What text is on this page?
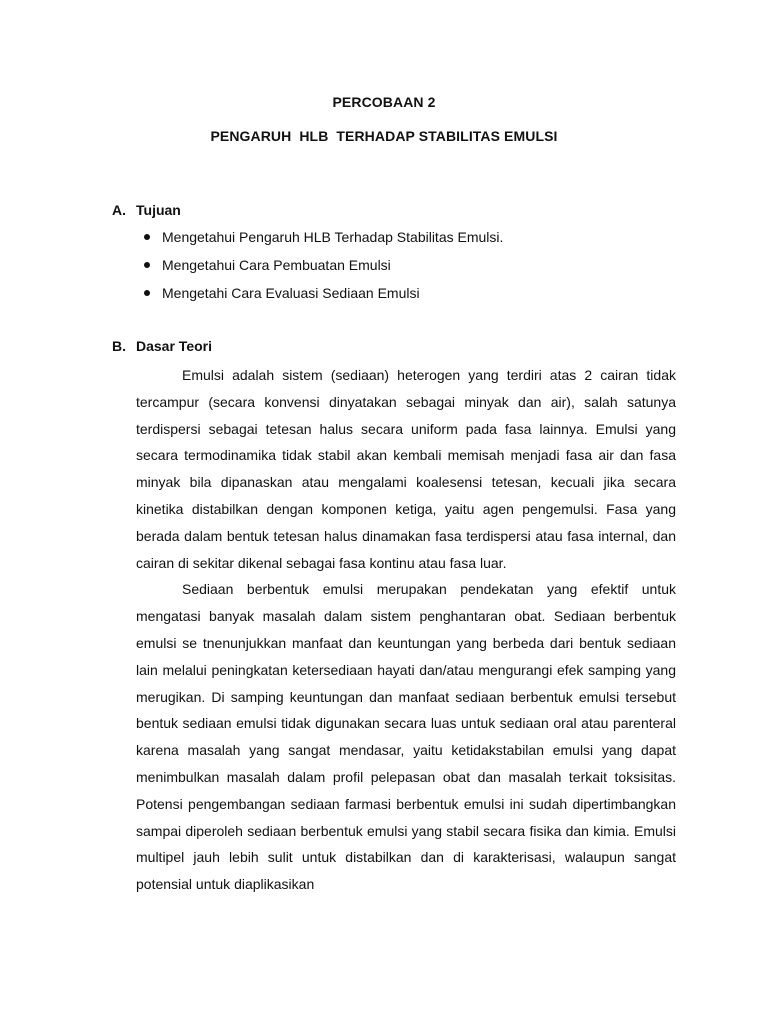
PERCOBAAN 2
PENGARUH  HLB  TERHADAP STABILITAS EMULSI
A. Tujuan
Mengetahui Pengaruh HLB Terhadap Stabilitas Emulsi.
Mengetahui Cara Pembuatan Emulsi
Mengetahi Cara Evaluasi Sediaan Emulsi
B. Dasar Teori

Emulsi adalah sistem (sediaan) heterogen yang terdiri atas 2 cairan tidak tercampur (secara konvensi dinyatakan sebagai minyak dan air), salah satunya terdispersi sebagai tetesan halus secara uniform pada fasa lainnya. Emulsi yang secara termodinamika tidak stabil akan kembali memisah menjadi fasa air dan fasa minyak bila dipanaskan atau mengalami koalesensi tetesan, kecuali jika secara kinetika distabilkan dengan komponen ketiga, yaitu agen pengemulsi. Fasa yang berada dalam bentuk tetesan halus dinamakan fasa terdispersi atau fasa internal, dan cairan di sekitar dikenal sebagai fasa kontinu atau fasa luar.

Sediaan berbentuk emulsi merupakan pendekatan yang efektif untuk mengatasi banyak masalah dalam sistem penghantaran obat. Sediaan berbentuk emulsi se tnenunjukkan manfaat dan keuntungan yang berbeda dari bentuk sediaan lain melalui peningkatan ketersediaan hayati dan/atau mengurangi efek samping yang merugikan. Di samping keuntungan dan manfaat sediaan berbentuk emulsi tersebut bentuk sediaan emulsi tidak digunakan secara luas untuk sediaan oral atau parenteral karena masalah yang sangat mendasar, yaitu ketidakstabilan emulsi yang dapat menimbulkan masalah dalam profil pelepasan obat dan masalah terkait toksisitas. Potensi pengembangan sediaan farmasi berbentuk emulsi ini sudah dipertimbangkan sampai diperoleh sediaan berbentuk emulsi yang stabil secara fisika dan kimia. Emulsi multipel jauh lebih sulit untuk distabilkan dan di karakterisasi, walaupun sangat potensial untuk diaplikasikan
